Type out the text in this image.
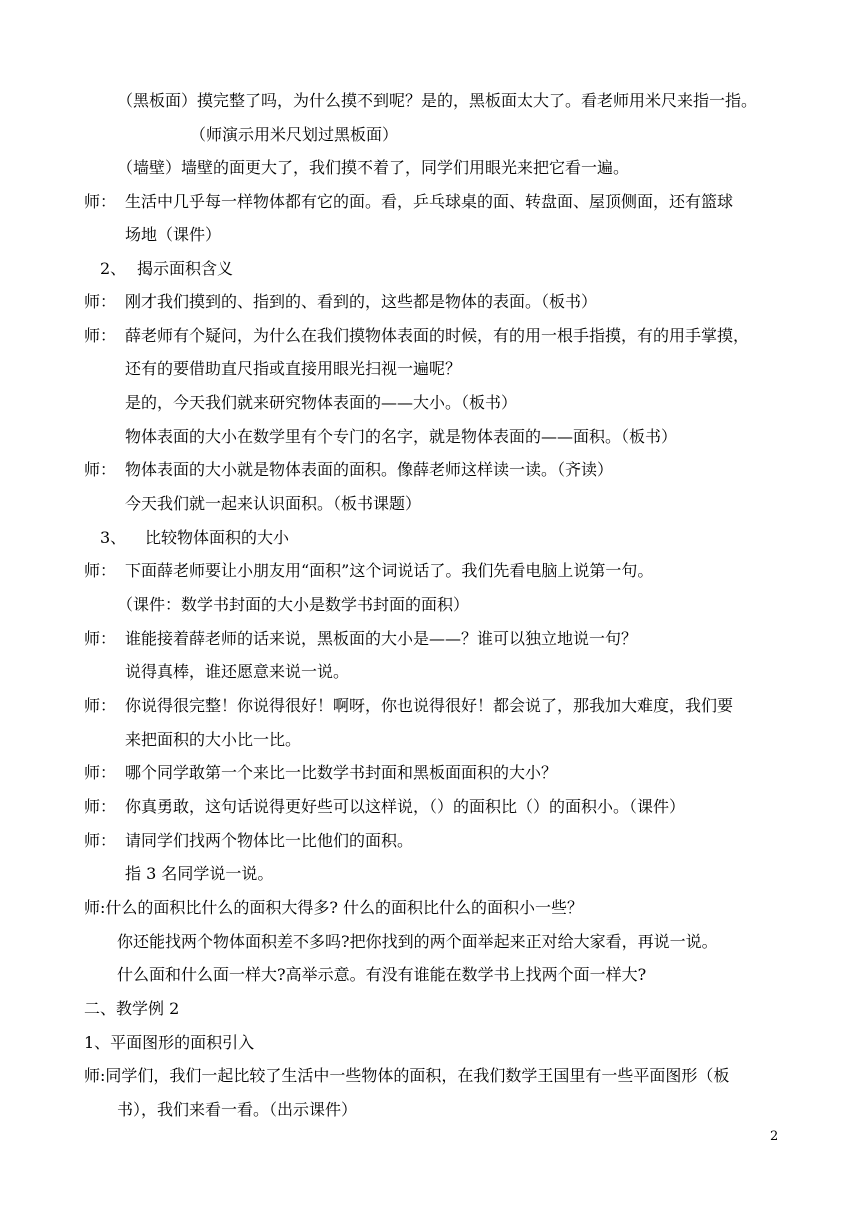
（黑板面）摸完整了吗，为什么摸不到呢？是的，黑板面太大了。看老师用米尺来指一指。
（师演示用米尺划过黑板面）
（墙壁）墙壁的面更大了，我们摸不着了，同学们用眼光来把它看一遍。
师： 生活中几乎每一样物体都有它的面。看，乒乓球桌的面、转盘面、屋顶侧面，还有篮球
场地（课件）
2、 揭示面积含义
师： 刚才我们摸到的、指到的、看到的，这些都是物体的表面。（板书）
师： 薛老师有个疑问，为什么在我们摸物体表面的时候，有的用一根手指摸，有的用手掌摸，
还有的要借助直尺指或直接用眼光扫视一遍呢？
是的，今天我们就来研究物体表面的——大小。（板书）
物体表面的大小在数学里有个专门的名字，就是物体表面的——面积。（板书）
师： 物体表面的大小就是物体表面的面积。像薛老师这样读一读。（齐读）
今天我们就一起来认识面积。（板书课题）
3、 比较物体面积的大小
师： 下面薛老师要让小朋友用“面积”这个词说话了。我们先看电脑上说第一句。
（课件：数学书封面的大小是数学书封面的面积）
师： 谁能接着薛老师的话来说，黑板面的大小是——？谁可以独立地说一句？
说得真棒，谁还愿意来说一说。
师： 你说得很完整！你说得很好！啊呀，你也说得很好！都会说了，那我加大难度，我们要
来把面积的大小比一比。
师： 哪个同学敢第一个来比一比数学书封面和黑板面面积的大小？
师： 你真勇敢，这句话说得更好些可以这样说，（）的面积比（）的面积小。（课件）
师： 请同学们找两个物体比一比他们的面积。
指 3 名同学说一说。
师:什么的面积比什么的面积大得多? 什么的面积比什么的面积小一些？
你还能找两个物体面积差不多吗?把你找到的两个面举起来正对给大家看，再说一说。
什么面和什么面一样大?高举示意。有没有谁能在数学书上找两个面一样大?
二、教学例 2
1、平面图形的面积引入
师:同学们，我们一起比较了生活中一些物体的面积，在我们数学王国里有一些平面图形（板
书），我们来看一看。（出示课件）
2
